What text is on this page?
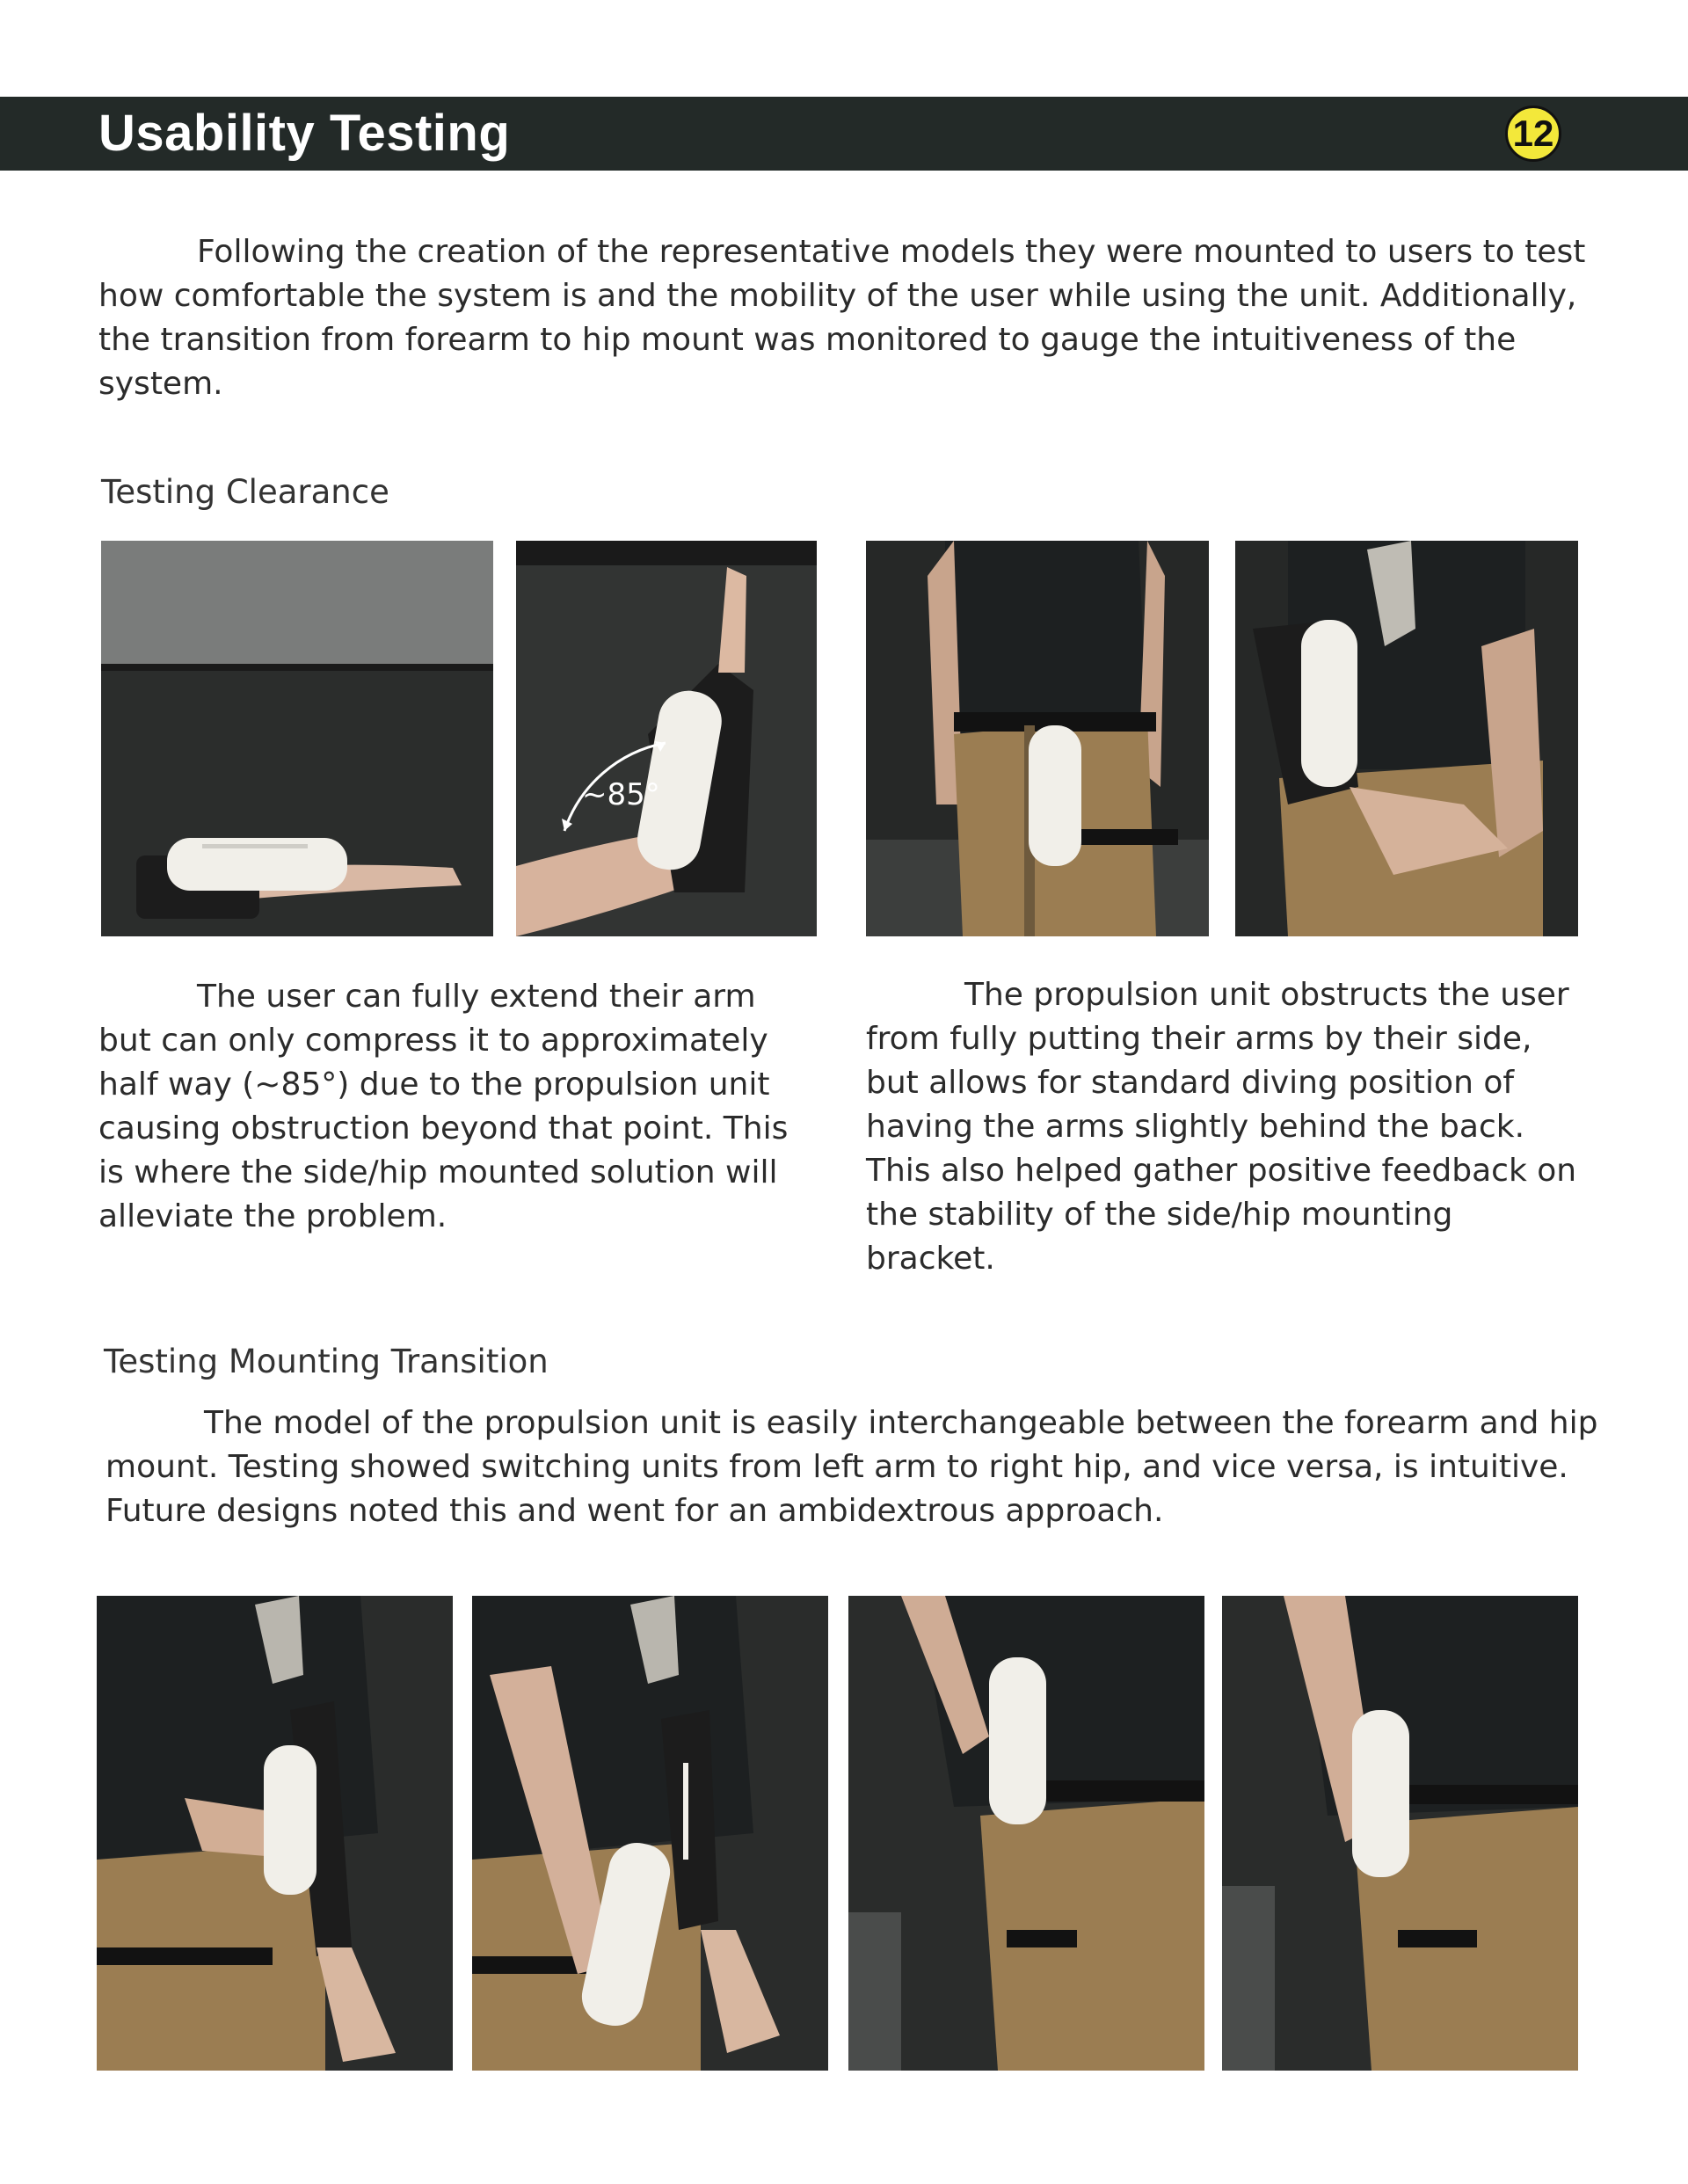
Usability Testing	12

Following the creation of the representative models they were mounted to users to test how comfortable the system is and the mobility of the user while using the unit. Additionally, the transition from forearm to hip mount was monitored to gauge the intuitiveness of the system.

Testing Clearance
~85°

The user can fully extend their arm but can only compress it to approximately half way (~85°) due to the propulsion unit causing obstruction beyond that point. This is where the side/hip mounted solution will alleviate the problem.

The propulsion unit obstructs the user from fully putting their arms by their side, but allows for standard diving position of having the arms slightly behind the back. This also helped gather positive feedback on the stability of the side/hip mounting bracket.

Testing Mounting Transition

The model of the propulsion unit is easily interchangeable between the forearm and hip mount. Testing showed switching units from left arm to right hip, and vice versa, is intuitive. Future designs noted this and went for an ambidextrous approach.
